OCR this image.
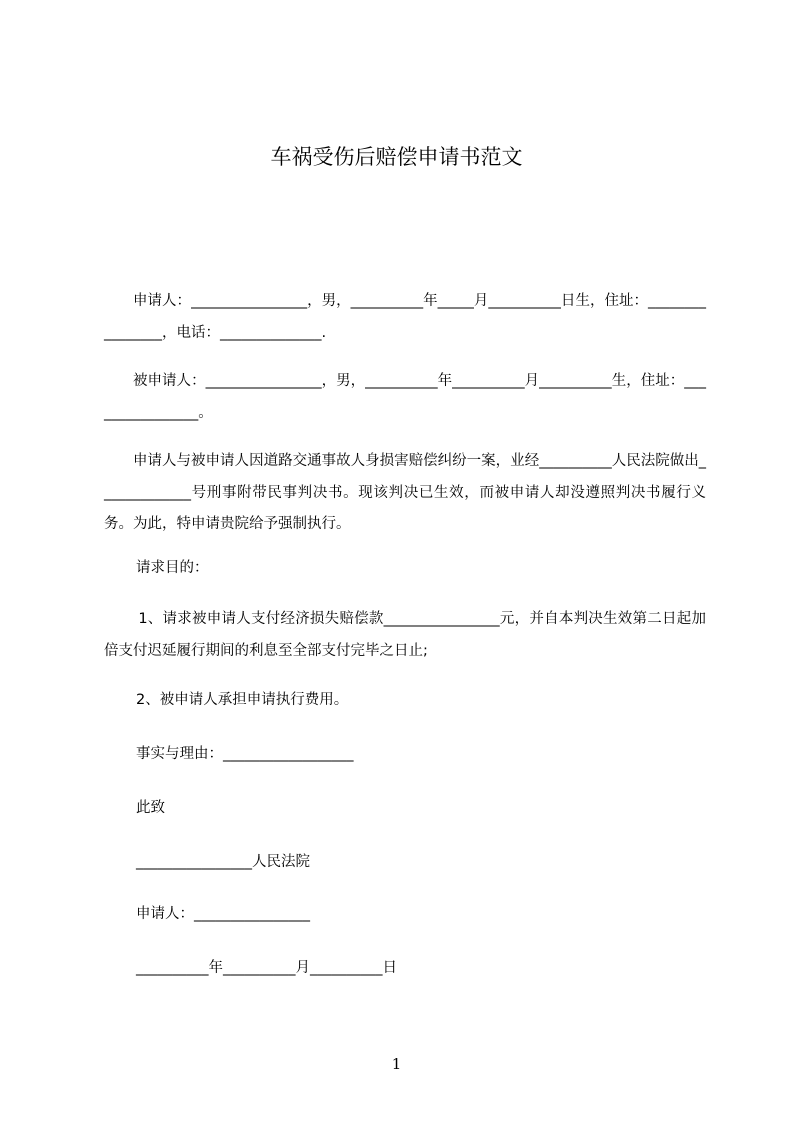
车祸受伤后赔偿申请书范文

　　申请人：________________，男，__________年_____月__________日生，住址：________________，电话：______________.

　　被申请人：________________，男，__________年__________月__________生，住址：________________。

　　申请人与被申请人因道路交通事故人身损害赔偿纠纷一案，业经__________人民法院做出_____________号刑事附带民事判决书。现该判决已生效，而被申请人却没遵照判决书履行义务。为此，特申请贵院给予强制执行。

请求目的：

　　 1、请求被申请人支付经济损失赔偿款________________元，并自本判决生效第二日起加倍支付迟延履行期间的利息至全部支付完毕之日止;

2、被申请人承担申请执行费用。

事实与理由：__________________

此致

________________人民法院

申请人：________________

__________年__________月__________日

1
